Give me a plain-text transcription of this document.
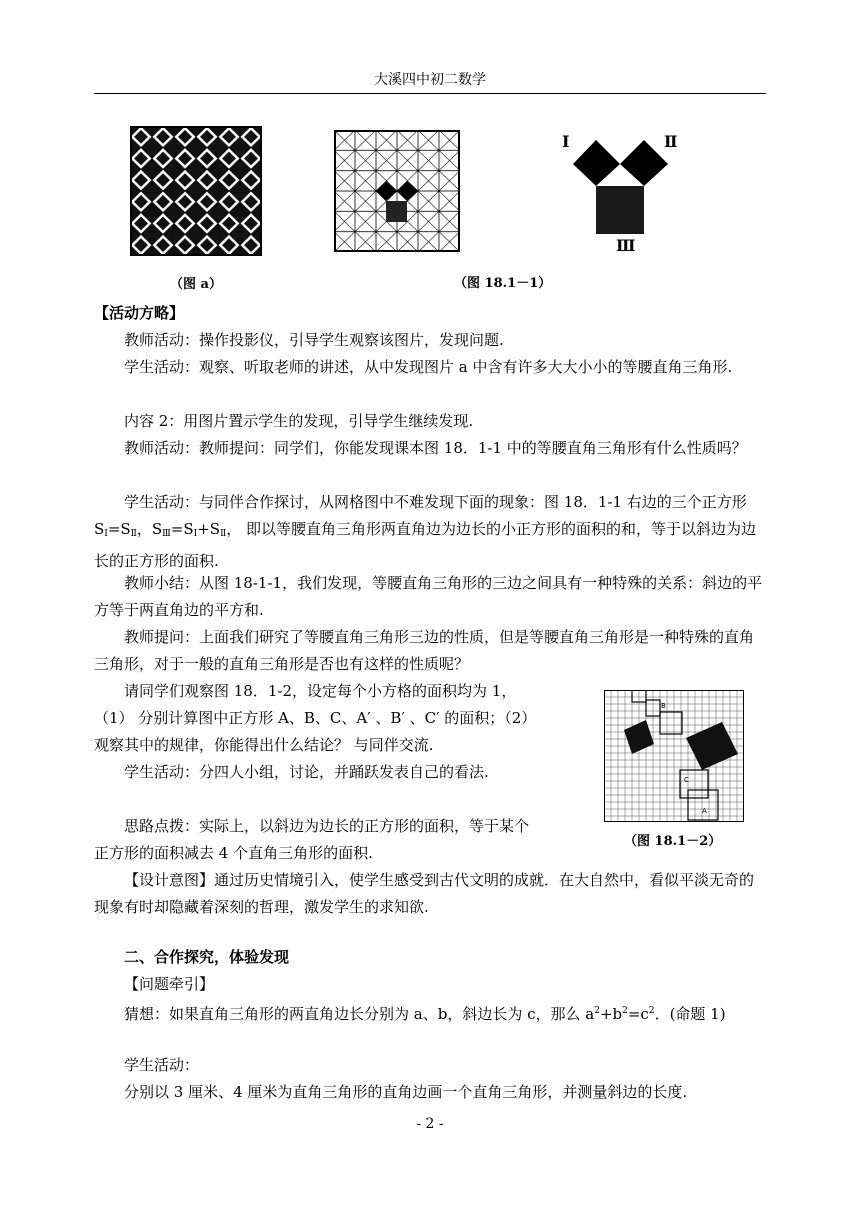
大溪四中初二数学
（图 a）
Ⅰ	Ⅱ
Ⅲ
（图 18.1－1）
【活动方略】
教师活动：操作投影仪，引导学生观察该图片，发现问题.
学生活动：观察、听取老师的讲述，从中发现图片 a 中含有许多大大小小的等腰直角三角形.
内容 2：用图片置示学生的发现，引导学生继续发现.
教师活动：教师提问：同学们，你能发现课本图 18．1-1 中的等腰直角三角形有什么性质吗？
学生活动：与同伴合作探讨，从网格图中不难发现下面的现象：图 18．1-1 右边的三个正方形 $S_Ⅰ=S_Ⅱ$，$S_Ⅲ=S_Ⅰ+S_Ⅱ$， 即以等腰直角三角形两直角边为边长的小正方形的面积的和，等于以斜边为边长的正方形的面积.
教师小结：从图 18-1-1，我们发现，等腰直角三角形的三边之间具有一种特殊的关系：斜边的平方等于两直角边的平方和.
教师提问：上面我们研究了等腰直角三角形三边的性质，但是等腰直角三角形是一种特殊的直角三角形，对于一般的直角三角形是否也有这样的性质呢？
请同学们观察图 18．1-2，设定每个小方格的面积均为 1，（1） 分别计算图中正方形 A、B、C、A′ 、B′ 、C′ 的面积；（2）观察其中的规律，你能得出什么结论？ 与同伴交流.
学生活动：分四人小组，讨论，并踊跃发表自己的看法.
思路点拨：实际上，以斜边为边长的正方形的面积，等于某个正方形的面积减去 4 个直角三角形的面积.
B
A
C
（图 18.1－2）
【设计意图】通过历史情境引入，使学生感受到古代文明的成就．在大自然中，看似平淡无奇的现象有时却隐藏着深刻的哲理，激发学生的求知欲.
二、合作探究，体验发现
【问题牵引】
猜想：如果直角三角形的两直角边长分别为 a、b，斜边长为 c，那么 $a^2+b^2=c^2$．(命题 1)
学生活动：
分别以 3 厘米、4 厘米为直角三角形的直角边画一个直角三角形，并测量斜边的长度.
- 2 -
